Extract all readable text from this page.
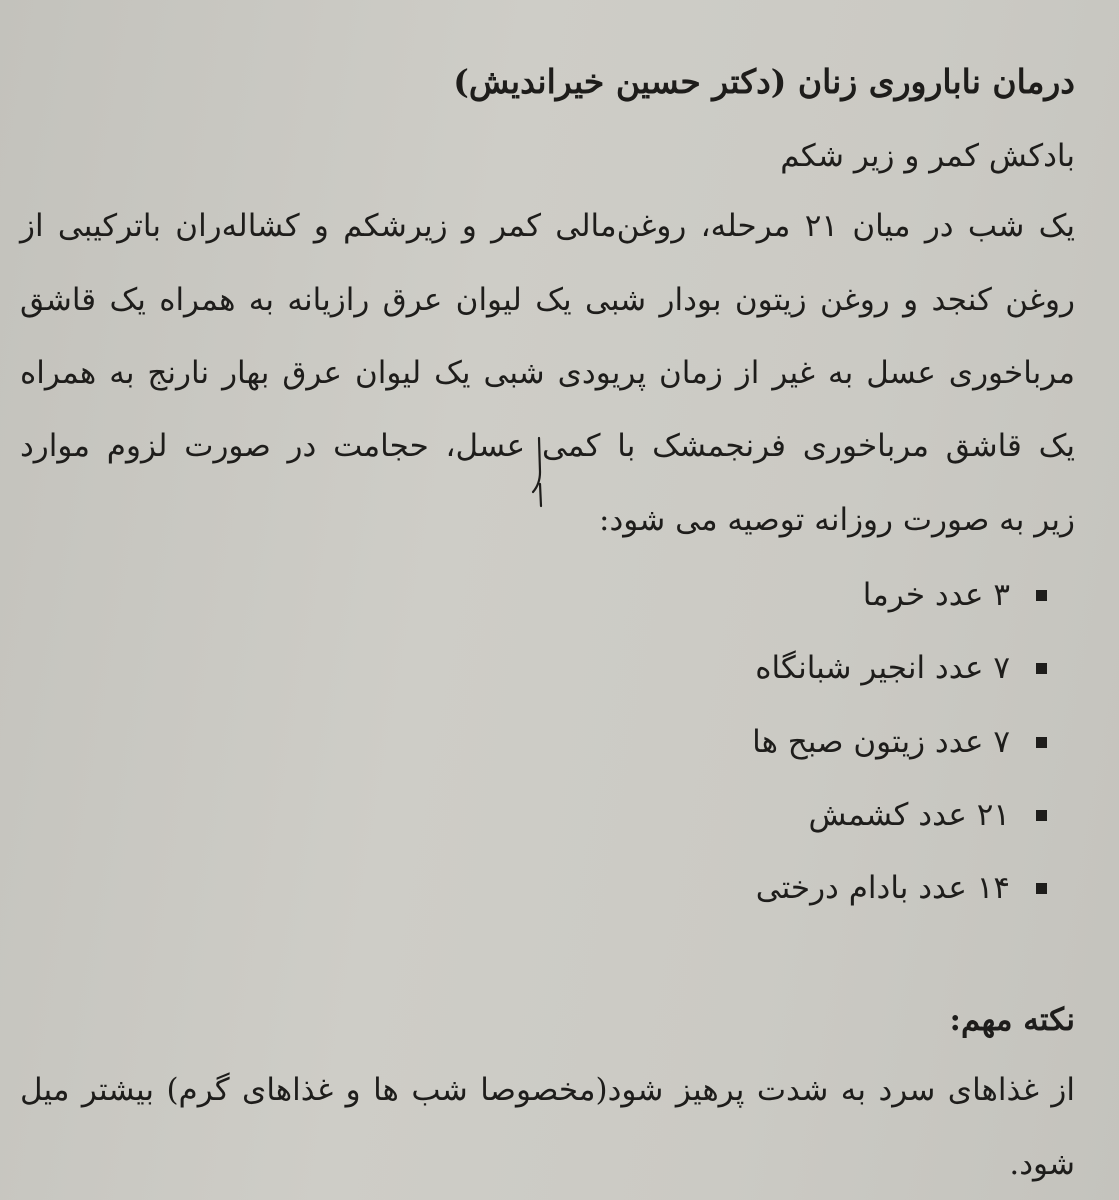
درمان ناباروری زنان (دکتر حسین خیراندیش)
بادکش کمر و زیر شکم
یک شب در میان ۲۱ مرحله، روغن‌مالی کمر و زیرشکم و کشاله‌ران باترکیبی از
روغن کنجد و روغن زیتون بودار شبی یک لیوان عرق رازیانه به همراه یک قاشق
مرباخوری عسل به غیر از زمان پریودی شبی یک لیوان عرق بهار نارنج به همراه
یک قاشق مرباخوری فرنجمشک با کمی عسل، حجامت در صورت لزوم موارد
زیر به صورت روزانه توصیه می شود:
۳ عدد خرما
۷ عدد انجیر شبانگاه
۷ عدد زیتون صبح ها
۲۱ عدد کشمش
۱۴ عدد بادام درختی
نکته مهم:
از غذاهای سرد به شدت پرهیز شود(مخصوصا شب ها و غذاهای گرم) بیشتر میل
شود.
